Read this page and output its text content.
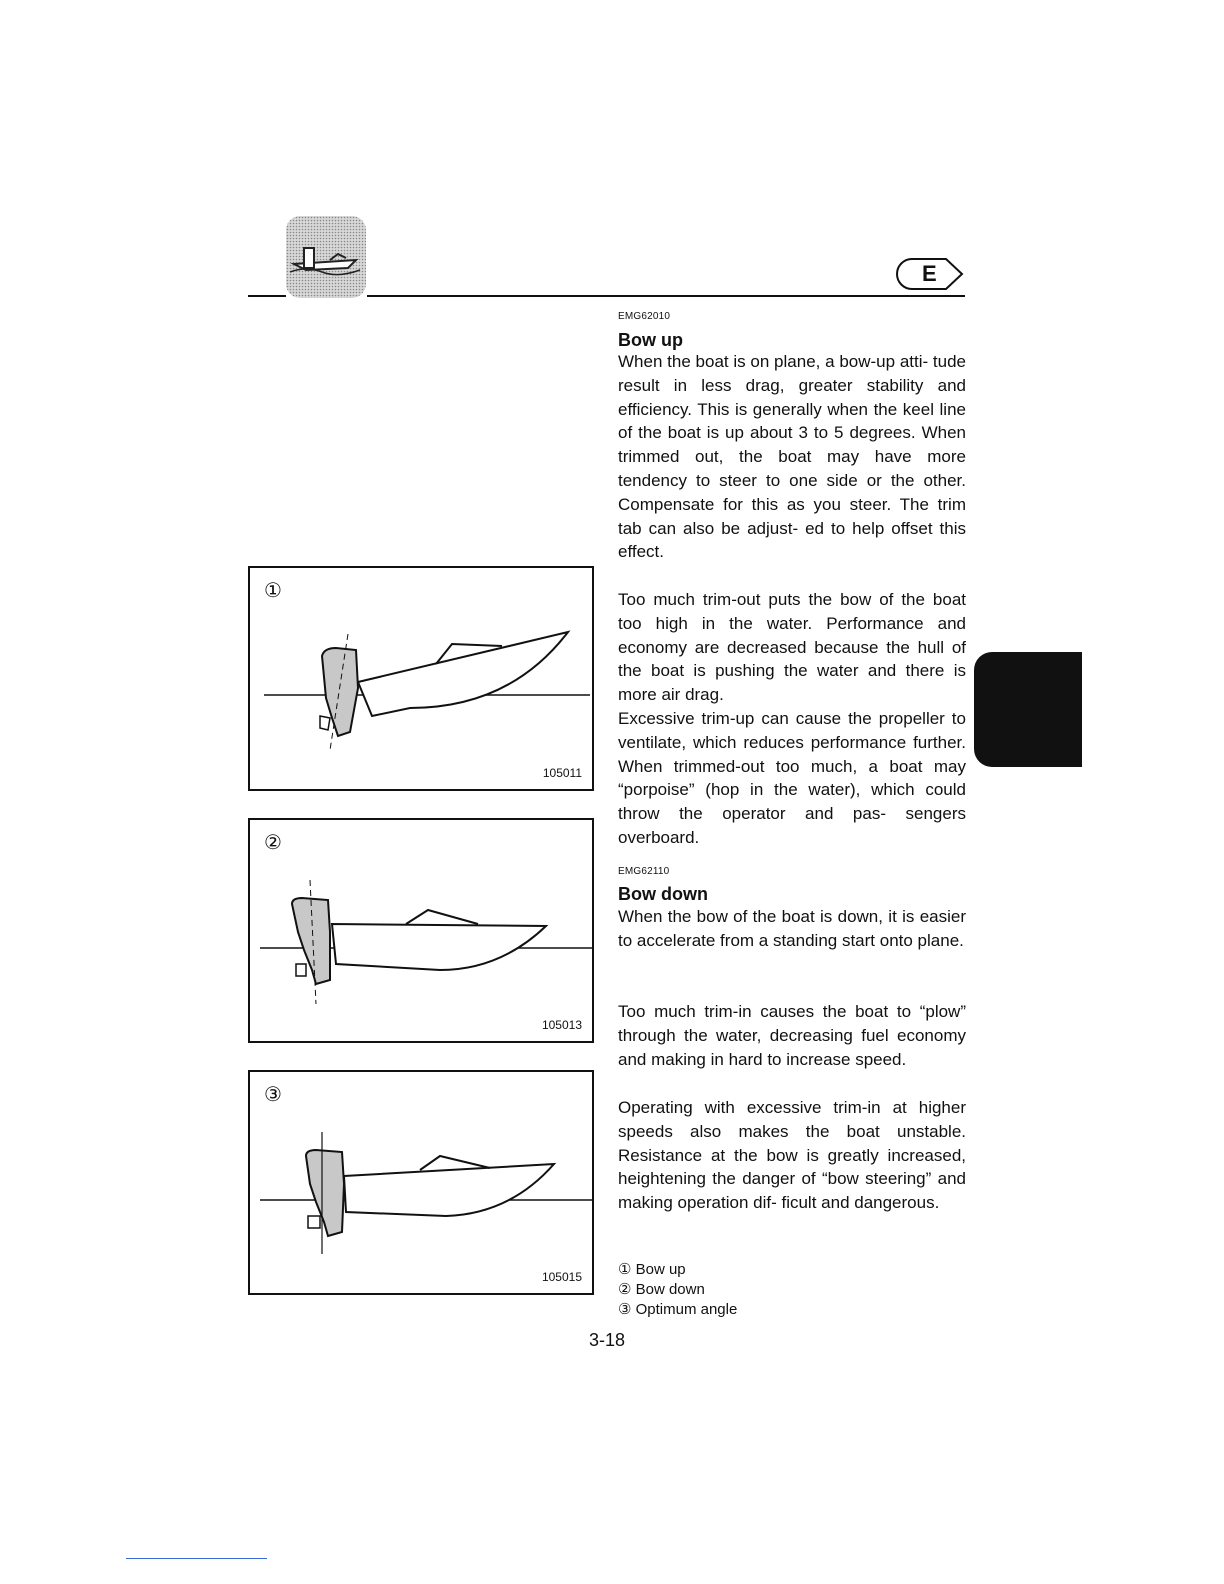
E
EMG62010
Bow up

When the boat is on plane, a bow-up atti- tude result in less drag, greater stability and efficiency. This is generally when the keel line of the boat is up about 3 to 5 degrees. When trimmed out, the boat may have more tendency to steer to one side or the other. Compensate for this as you steer. The trim tab can also be adjust- ed to help offset this effect.

Too much trim-out puts the bow of the boat too high in the water. Performance and economy are decreased because the hull of the boat is pushing the water and there is more air drag.

Excessive trim-up can cause the propeller to ventilate, which reduces performance further. When trimmed-out too much, a boat may “porpoise” (hop in the water), which could throw the operator and pas- sengers overboard.

EMG62110
Bow down

When the bow of the boat is down, it is easier to accelerate from a standing start onto plane.

Too much trim-in causes the boat to “plow” through the water, decreasing fuel economy and making in hard to increase speed.

Operating with excessive trim-in at higher speeds also makes the boat unstable. Resistance at the bow is greatly increased, heightening the danger of “bow steering” and making operation dif- ficult and dangerous.

① Bow up
② Bow down
③ Optimum angle
①
105011
②
105013
③
105015
3-18
